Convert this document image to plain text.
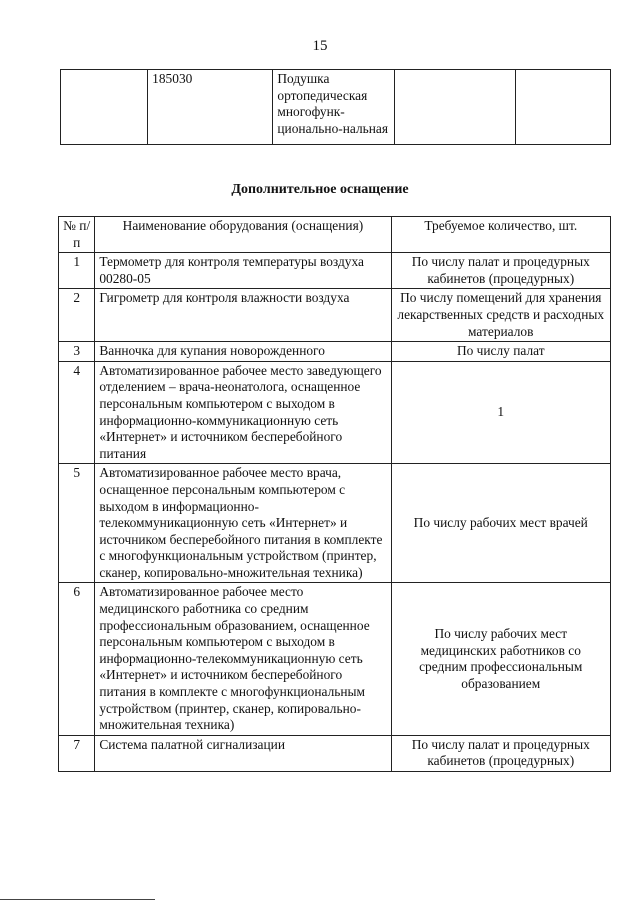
15
	185030	Подушка ортопедическая многофунк-ционально-нальная		
Дополнительное оснащение
№ п/п	Наименование оборудования (оснащения)	Требуемое количество, шт.
1	Термометр для контроля температуры воздуха 00280-05	По числу палат и процедурных кабинетов (процедурных)
2	Гигрометр для контроля влажности воздуха	По числу помещений для хранения лекарственных средств и расходных материалов
3	Ванночка для купания новорожденного	По числу палат
4	Автоматизированное рабочее место заведующего отделением – врача-неонатолога, оснащенное персональным компьютером с выходом в информационно-коммуникационную сеть «Интернет» и источником бесперебойного питания	1
5	Автоматизированное рабочее место врача, оснащенное персональным компьютером с выходом в информационно-телекоммуникационную сеть «Интернет» и источником бесперебойного питания в комплекте с многофункциональным устройством (принтер, сканер, копировально-множительная техника)	По числу рабочих мест врачей
6	Автоматизированное рабочее место медицинского работника со средним профессиональным образованием, оснащенное персональным компьютером с выходом в информационно-телекоммуникационную сеть «Интернет» и источником бесперебойного питания в комплекте с многофункциональным устройством (принтер, сканер, копировально-множительная техника)	По числу рабочих мест медицинских работников со средним профессиональным образованием
7	Система палатной сигнализации	По числу палат и процедурных кабинетов (процедурных)
